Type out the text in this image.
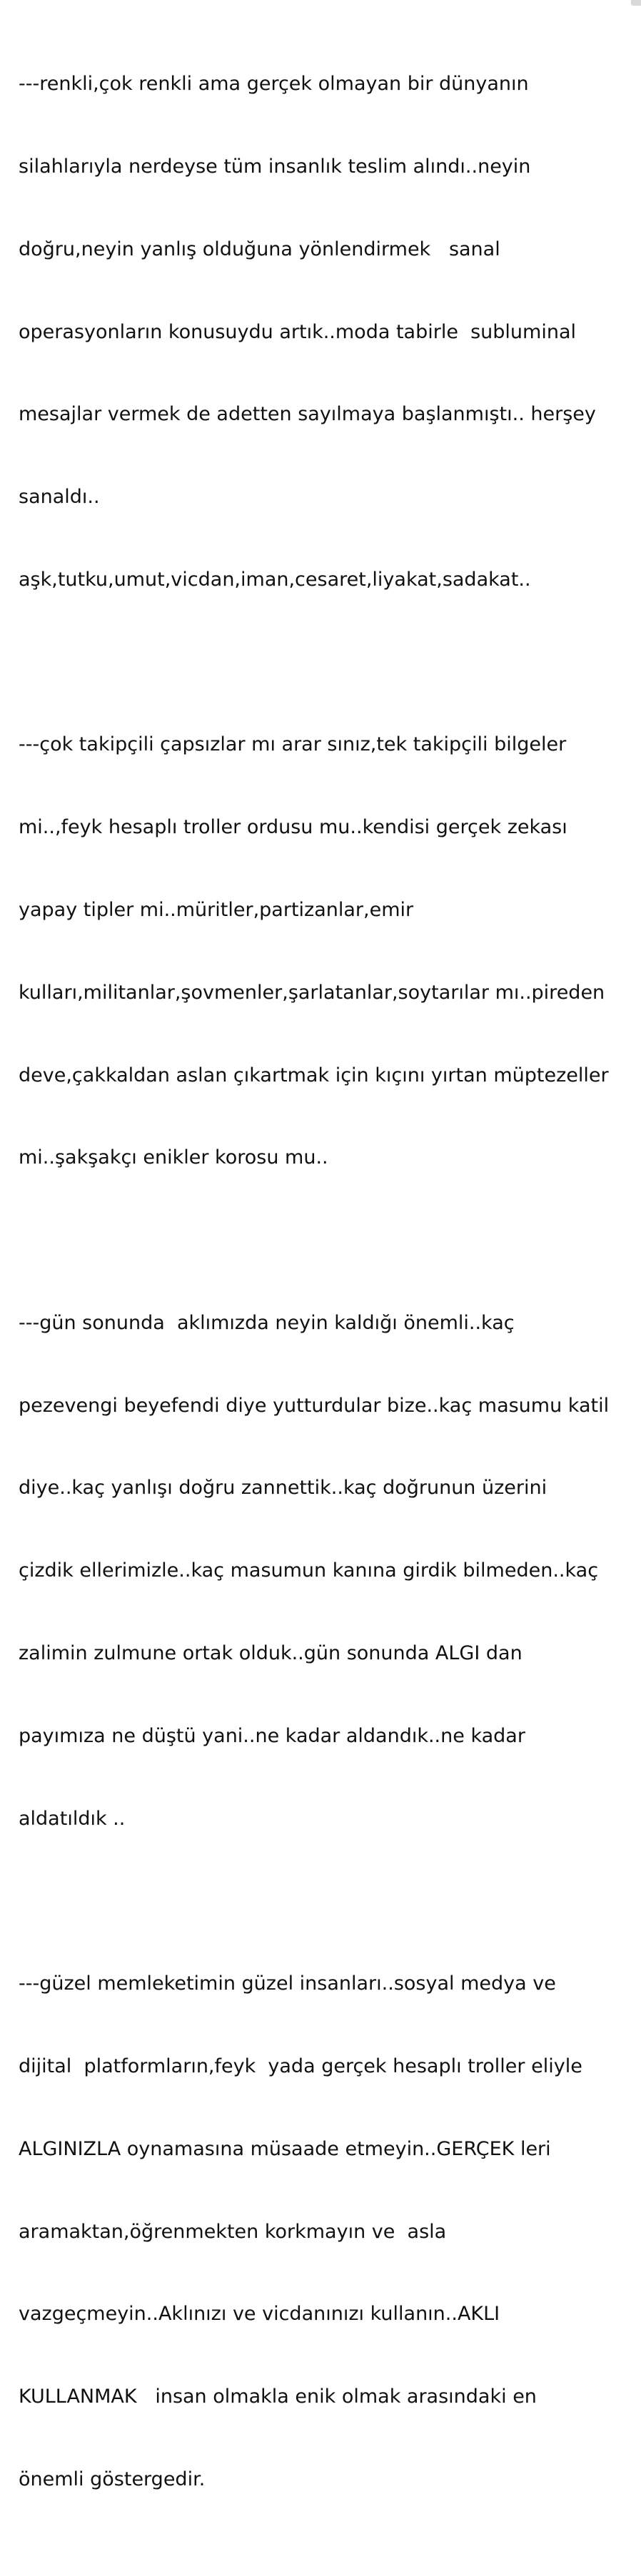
---renkli,çok renkli ama gerçek olmayan bir dünyanın

silahlarıyla nerdeyse tüm insanlık teslim alındı..neyin

doğru,neyin yanlış olduğuna yönlendirmek   sanal

operasyonların konusuydu artık..moda tabirle  subluminal

mesajlar vermek de adetten sayılmaya başlanmıştı.. herşey

sanaldı..

aşk,tutku,umut,vicdan,iman,cesaret,liyakat,sadakat..

---çok takipçili çapsızlar mı arar sınız,tek takipçili bilgeler

mi..,feyk hesaplı troller ordusu mu..kendisi gerçek zekası

yapay tipler mi..müritler,partizanlar,emir

kulları,militanlar,şovmenler,şarlatanlar,soytarılar mı..pireden

deve,çakkaldan aslan çıkartmak için kıçını yırtan müptezeller

mi..şakşakçı enikler korosu mu..

---gün sonunda  aklımızda neyin kaldığı önemli..kaç

pezevengi beyefendi diye yutturdular bize..kaç masumu katil

diye..kaç yanlışı doğru zannettik..kaç doğrunun üzerini

çizdik ellerimizle..kaç masumun kanına girdik bilmeden..kaç

zalimin zulmune ortak olduk..gün sonunda ALGI dan

payımıza ne düştü yani..ne kadar aldandık..ne kadar

aldatıldık ..

---güzel memleketimin güzel insanları..sosyal medya ve

dijital  platformların,feyk  yada gerçek hesaplı troller eliyle

ALGINIZLA oynamasına müsaade etmeyin..GERÇEK leri

aramaktan,öğrenmekten korkmayın ve  asla

vazgeçmeyin..Aklınızı ve vicdanınızı kullanın..AKLI

KULLANMAK   insan olmakla enik olmak arasındaki en

önemli göstergedir.
